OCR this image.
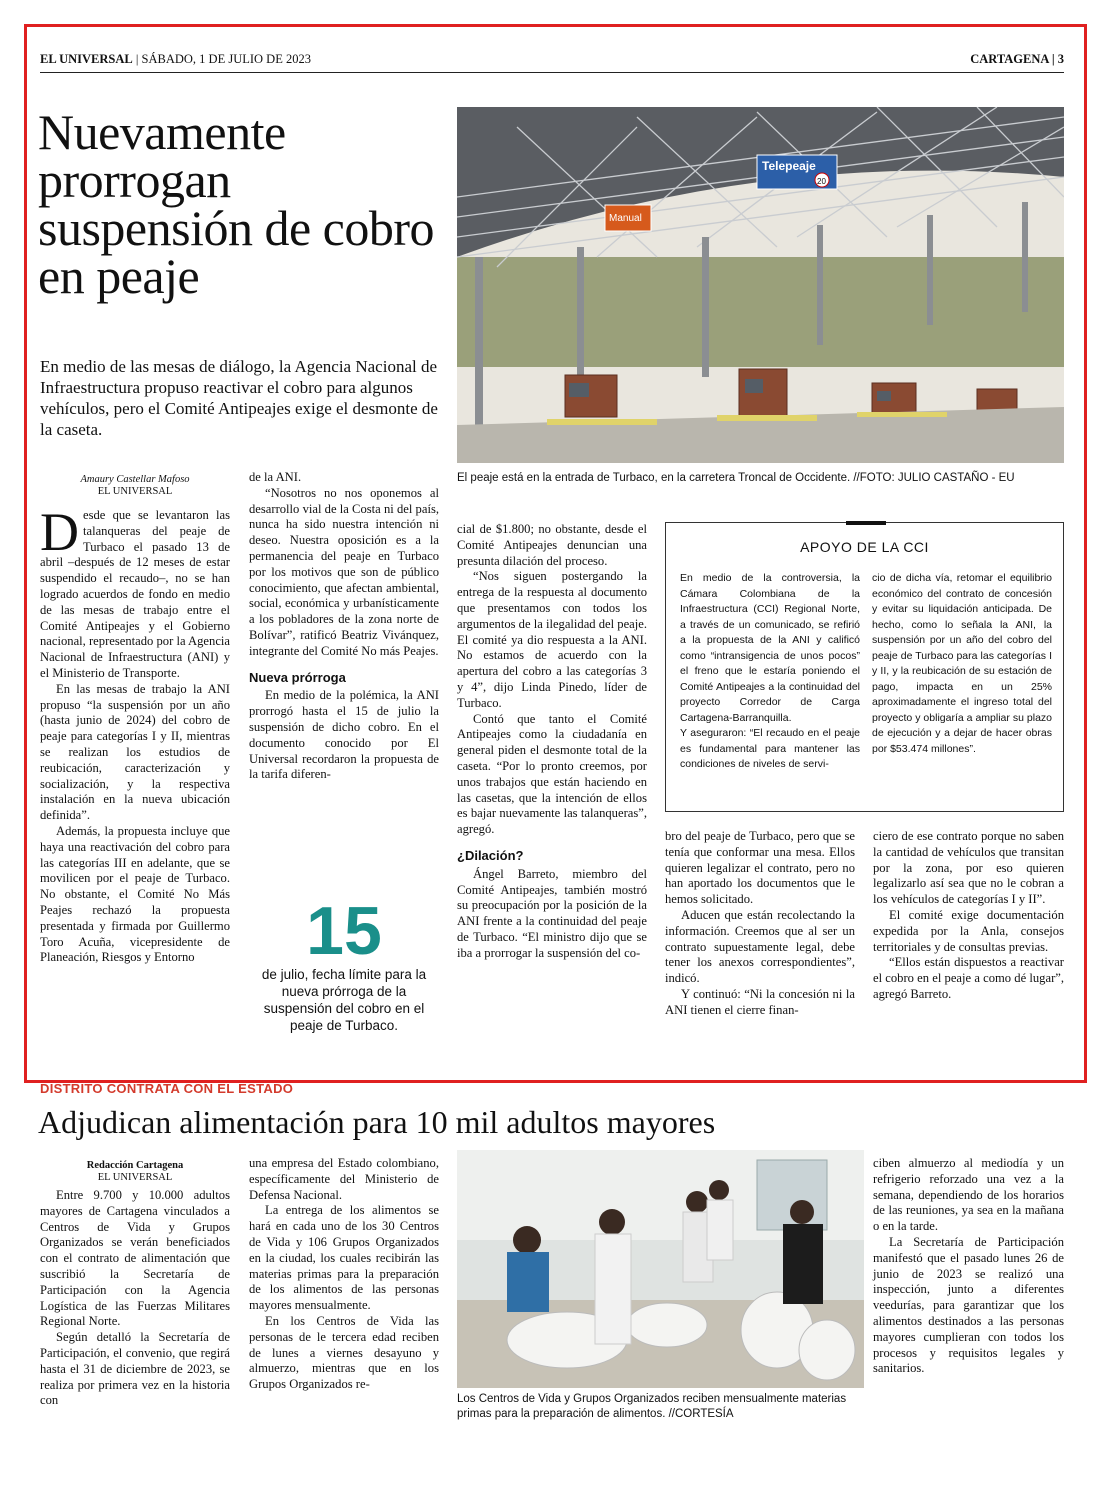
EL UNIVERSAL | SÁBADO, 1 DE JULIO DE 2023	CARTAGENA | 3
Nuevamente prorrogan suspensión de cobro en peaje

En medio de las mesas de diálogo, la Agencia Nacional de Infraestructura propuso reactivar el cobro para algunos vehículos, pero el Comité Antipeajes exige el desmonte de la caseta.

Telepeaje
20
Manual
El peaje está en la entrada de Turbaco, en la carretera Troncal de Occidente. //FOTO: JULIO CASTAÑO - EU
Amaury Castellar Mafoso
EL UNIVERSAL

Desde que se levantaron las talanqueras del peaje de Turbaco el pasado 13 de abril –después de 12 meses de estar suspendido el recaudo–, no se han logrado acuerdos de fondo en medio de las mesas de trabajo entre el Comité Antipeajes y el Gobierno nacional, representado por la Agencia Nacional de Infraestructura (ANI) y el Ministerio de Transporte.

En las mesas de trabajo la ANI propuso “la suspensión por un año (hasta junio de 2024) del cobro de peaje para categorías I y II, mientras se realizan los estudios de reubicación, caracterización y socialización, y la respectiva instalación en la nueva ubicación definida”.

Además, la propuesta incluye que haya una reactivación del cobro para las categorías III en adelante, que se movilicen por el peaje de Turbaco. No obstante, el Comité No Más Peajes rechazó la propuesta presentada y firmada por Guillermo Toro Acuña, vicepresidente de Planeación, Riesgos y Entorno

de la ANI.

“Nosotros no nos oponemos al desarrollo vial de la Costa ni del país, nunca ha sido nuestra intención ni deseo. Nuestra oposición es a la permanencia del peaje en Turbaco por los motivos que son de público conocimiento, que afectan ambiental, social, económica y urbanísticamente a los pobladores de la zona norte de Bolívar”, ratificó Beatriz Vivánquez, integrante del Comité No más Peajes.

Nueva prórroga

En medio de la polémica, la ANI prorrogó hasta el 15 de julio la suspensión de dicho cobro. En el documento conocido por El Universal recordaron la propuesta de la tarifa diferen-

15
de julio, fecha límite para la nueva prórroga de la suspensión del cobro en el peaje de Turbaco.

cial de $1.800; no obstante, desde el Comité Antipeajes denuncian una presunta dilación del proceso.

“Nos siguen postergando la entrega de la respuesta al documento que presentamos con todos los argumentos de la ilegalidad del peaje. El comité ya dio respuesta a la ANI. No estamos de acuerdo con la apertura del cobro a las categorías 3 y 4”, dijo Linda Pinedo, líder de Turbaco.

Contó que tanto el Comité Antipeajes como la ciudadanía en general piden el desmonte total de la caseta. “Por lo pronto creemos, por unos trabajos que están haciendo en las casetas, que la intención de ellos es bajar nuevamente las talanqueras”, agregó.

¿Dilación?

Ángel Barreto, miembro del Comité Antipeajes, también mostró su preocupación por la posición de la ANI frente a la continuidad del peaje de Turbaco. “El ministro dijo que se iba a prorrogar la suspensión del co-

APOYO DE LA CCI

En medio de la controversia, la Cámara Colombiana de la Infraestructura (CCI) Regional Norte, a través de un comunicado, se refirió a la propuesta de la ANI y calificó como “intransigencia de unos pocos” el freno que le estaría poniendo el Comité Antipeajes a la continuidad del proyecto Corredor de Carga Cartagena-Barranquilla.

Y aseguraron: “El recaudo en el peaje es fundamental para mantener las condiciones de niveles de servi-

cio de dicha vía, retomar el equilibrio económico del contrato de concesión y evitar su liquidación anticipada. De hecho, como lo señala la ANI, la suspensión por un año del cobro del peaje de Turbaco para las categorías I y II, y la reubicación de su estación de pago, impacta en un 25% aproximadamente el ingreso total del proyecto y obligaría a ampliar su plazo de ejecución y a dejar de hacer obras por $53.474 millones”.

bro del peaje de Turbaco, pero que se tenía que conformar una mesa. Ellos quieren legalizar el contrato, pero no han aportado los documentos que le hemos solicitado.

Aducen que están recolectando la información. Creemos que al ser un contrato supuestamente legal, debe tener los anexos correspondientes”, indicó.

Y continuó: “Ni la concesión ni la ANI tienen el cierre finan-

ciero de ese contrato porque no saben la cantidad de vehículos que transitan por la zona, por eso quieren legalizarlo así sea que no le cobran a los vehículos de categorías I y II”.

El comité exige documentación expedida por la Anla, consejos territoriales y de consultas previas.

“Ellos están dispuestos a reactivar el cobro en el peaje a como dé lugar”, agregó Barreto.

DISTRITO CONTRATA CON EL ESTADO
Adjudican alimentación para 10 mil adultos mayores
Redacción Cartagena
EL UNIVERSAL

Entre 9.700 y 10.000 adultos mayores de Cartagena vinculados a Centros de Vida y Grupos Organizados se verán beneficiados con el contrato de alimentación que suscribió la Secretaría de Participación con la Agencia Logística de las Fuerzas Militares Regional Norte.

Según detalló la Secretaría de Participación, el convenio, que regirá hasta el 31 de diciembre de 2023, se realiza por primera vez en la historia con

una empresa del Estado colombiano, específicamente del Ministerio de Defensa Nacional.

La entrega de los alimentos se hará en cada uno de los 30 Centros de Vida y 106 Grupos Organizados en la ciudad, los cuales recibirán las materias primas para la preparación de los alimentos de las personas mayores mensualmente.

En los Centros de Vida las personas de le tercera edad reciben de lunes a viernes desayuno y almuerzo, mientras que en los Grupos Organizados re-

Los Centros de Vida y Grupos Organizados reciben mensualmente materias primas para la preparación de alimentos. //CORTESÍA

ciben almuerzo al mediodía y un refrigerio reforzado una vez a la semana, dependiendo de los horarios de las reuniones, ya sea en la mañana o en la tarde.

La Secretaría de Participación manifestó que el pasado lunes 26 de junio de 2023 se realizó una inspección, junto a diferentes veedurías, para garantizar que los alimentos destinados a las personas mayores cumplieran con todos los procesos y requisitos legales y sanitarios.
